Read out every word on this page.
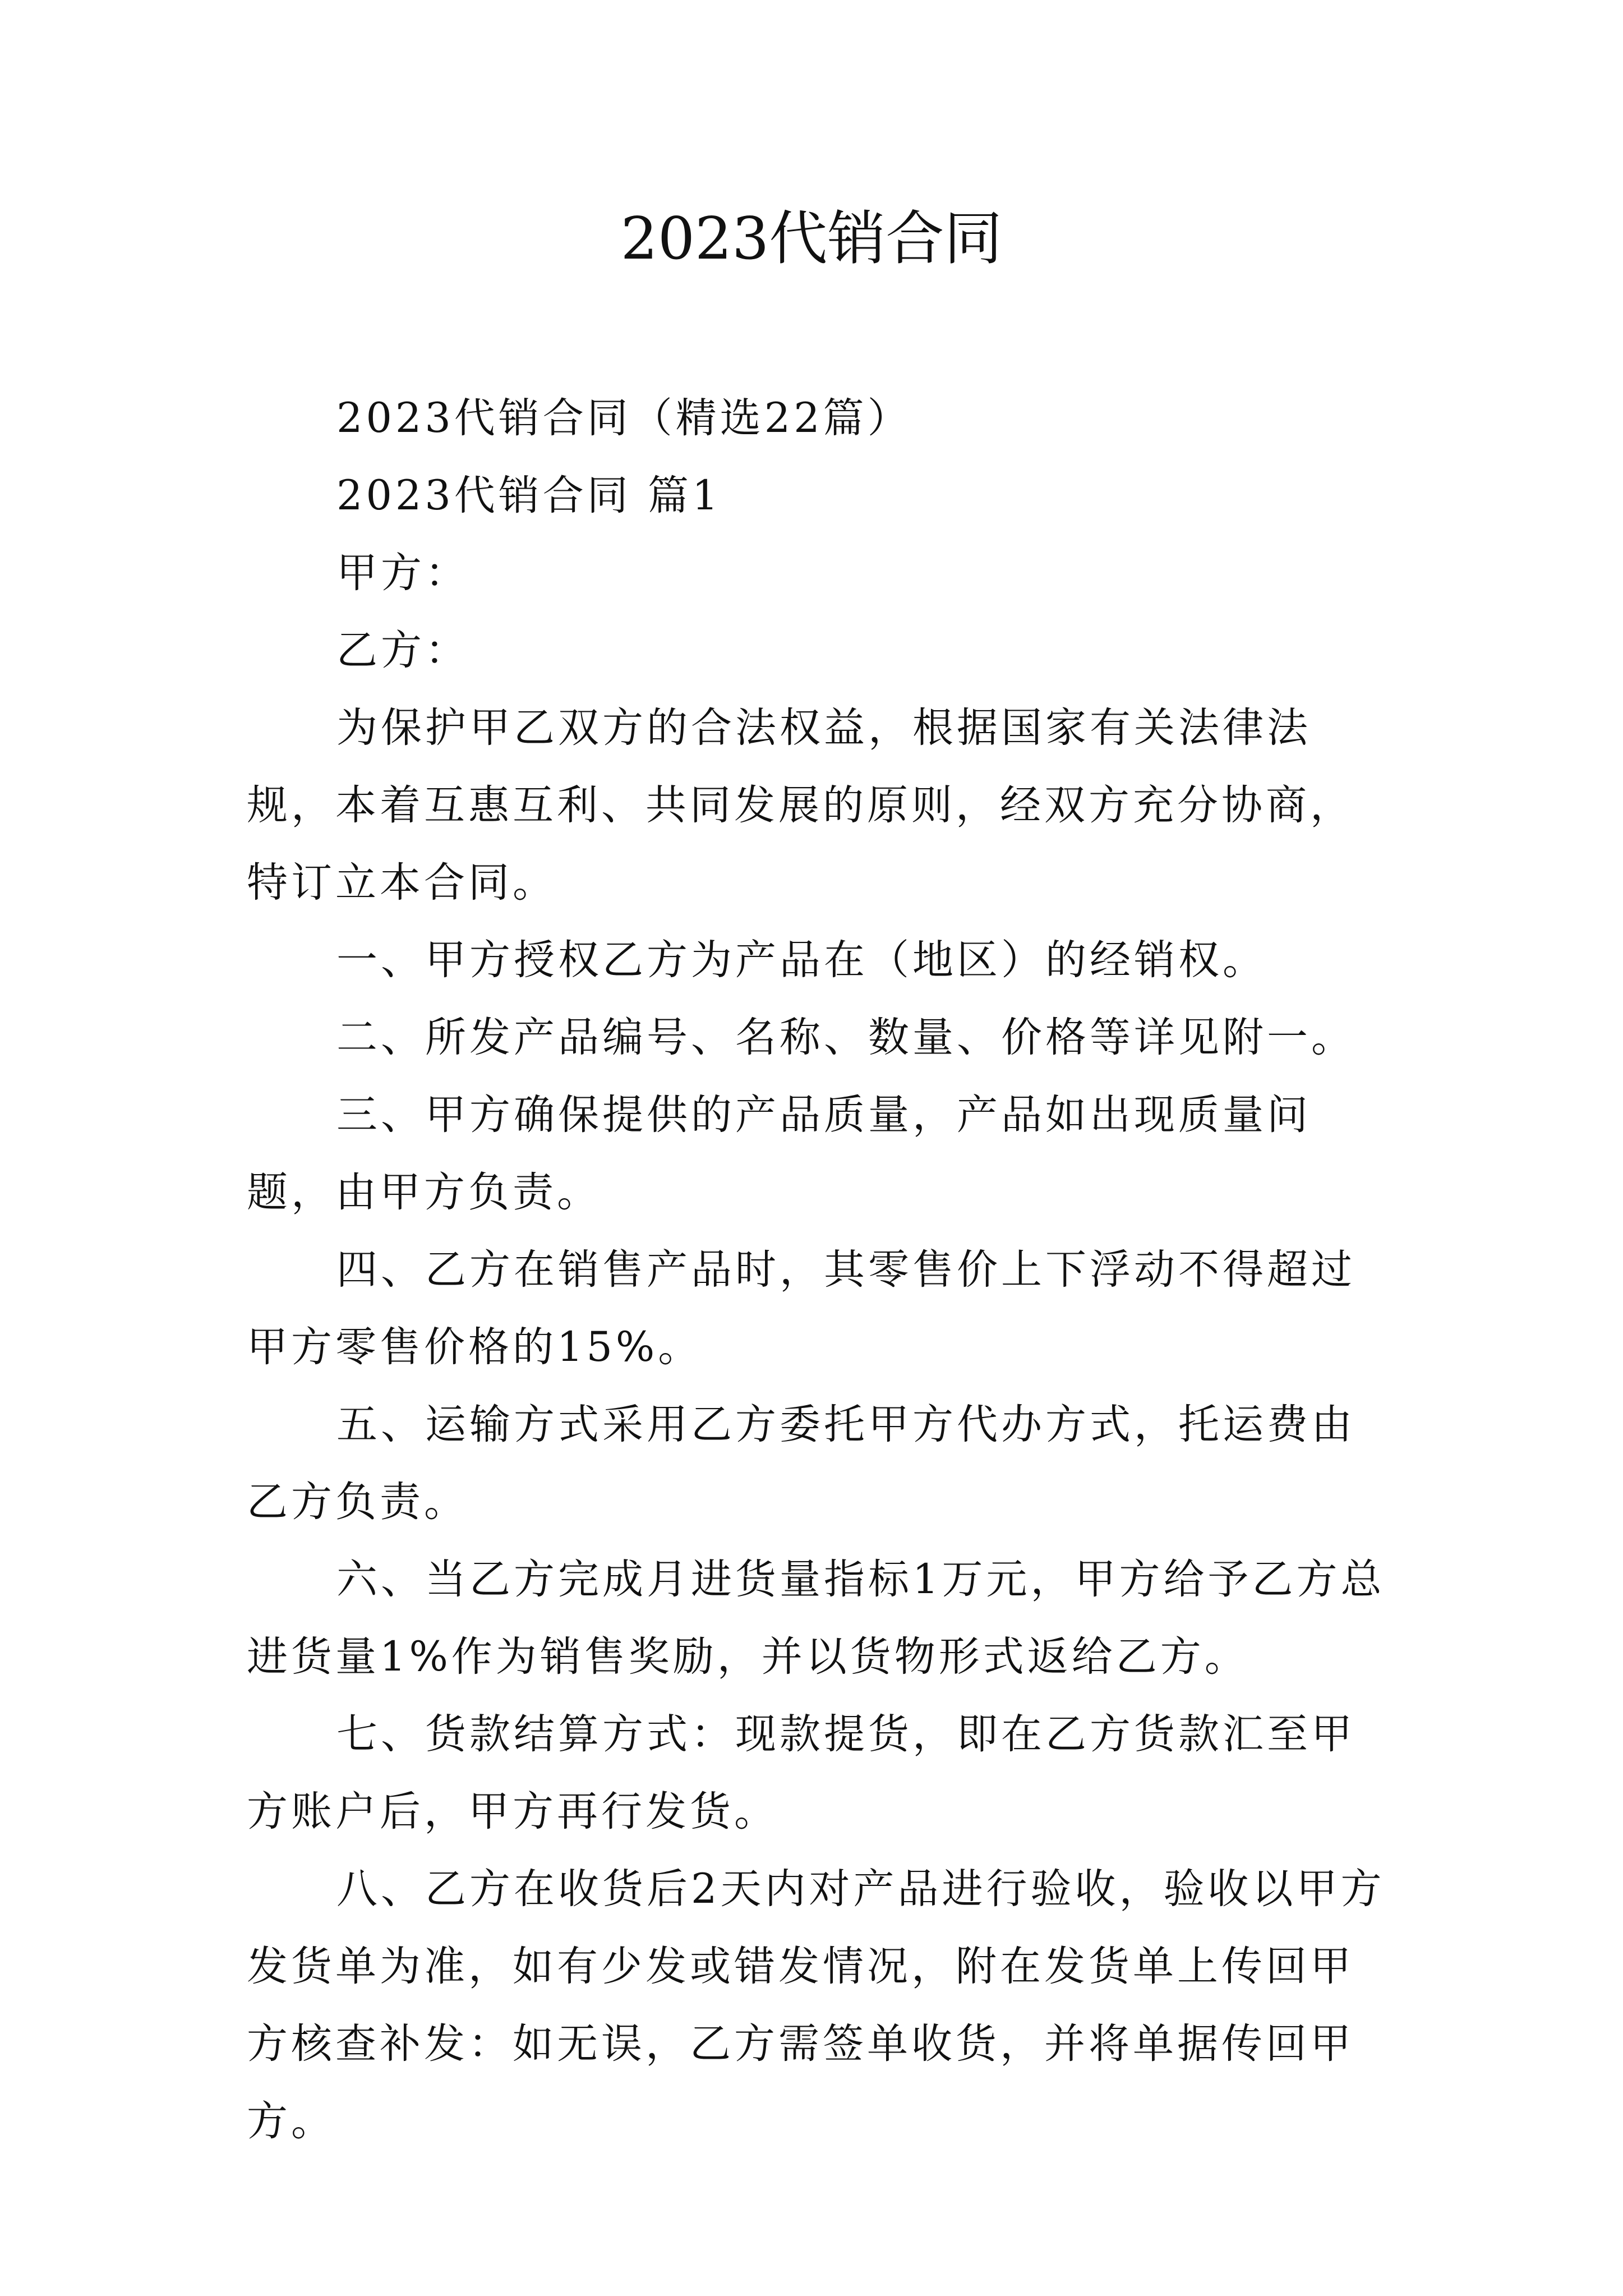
2023代销合同

2023代销合同（精选22篇）

2023代销合同 篇1

甲方：

乙方：

为保护甲乙双方的合法权益，根据国家有关法律法规，本着互惠互利、共同发展的原则，经双方充分协商，特订立本合同。

一、甲方授权乙方为产品在（地区）的经销权。

二、所发产品编号、名称、数量、价格等详见附一。

三、甲方确保提供的产品质量，产品如出现质量问题，由甲方负责。

四、乙方在销售产品时，其零售价上下浮动不得超过甲方零售价格的15%。

五、运输方式采用乙方委托甲方代办方式，托运费由乙方负责。

六、当乙方完成月进货量指标1万元，甲方给予乙方总进货量1%作为销售奖励，并以货物形式返给乙方。

七、货款结算方式：现款提货，即在乙方货款汇至甲方账户后，甲方再行发货。

八、乙方在收货后2天内对产品进行验收，验收以甲方发货单为准，如有少发或错发情况，附在发货单上传回甲方核查补发：如无误，乙方需签单收货，并将单据传回甲方。
